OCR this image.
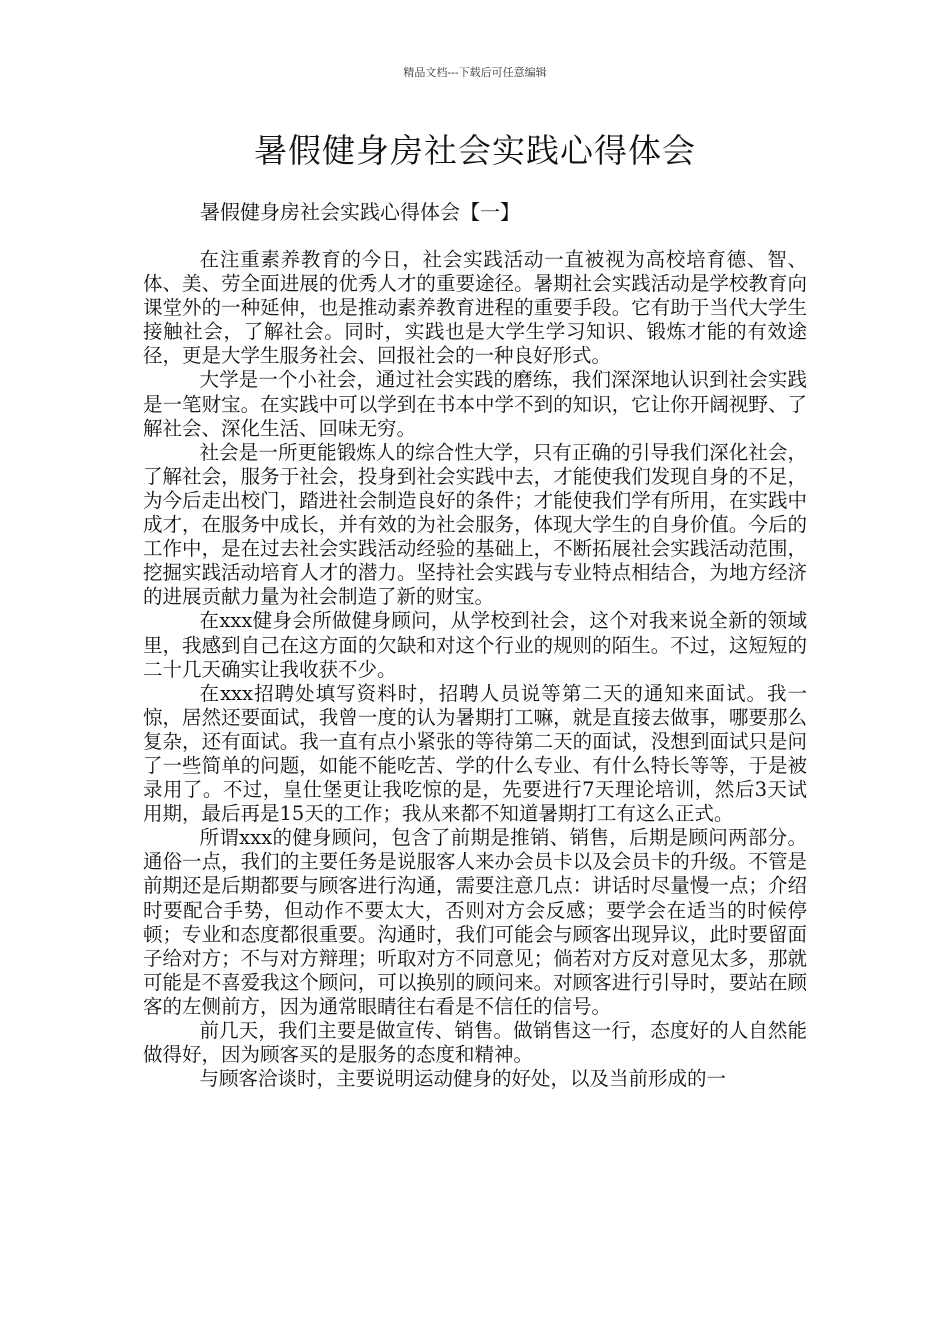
精品文档---下载后可任意编辑
暑假健身房社会实践心得体会
暑假健身房社会实践心得体会【一】

在注重素养教育的今日，社会实践活动一直被视为高校培育德、智、体、美、劳全面进展的优秀人才的重要途径。暑期社会实践活动是学校教育向课堂外的一种延伸，也是推动素养教育进程的重要手段。它有助于当代大学生接触社会，了解社会。同时，实践也是大学生学习知识、锻炼才能的有效途径，更是大学生服务社会、回报社会的一种良好形式。

大学是一个小社会，通过社会实践的磨练，我们深深地认识到社会实践是一笔财宝。在实践中可以学到在书本中学不到的知识，它让你开阔视野、了解社会、深化生活、回味无穷。

社会是一所更能锻炼人的综合性大学，只有正确的引导我们深化社会，了解社会，服务于社会，投身到社会实践中去，才能使我们发现自身的不足，为今后走出校门，踏进社会制造良好的条件；才能使我们学有所用，在实践中成才，在服务中成长，并有效的为社会服务，体现大学生的自身价值。今后的工作中，是在过去社会实践活动经验的基础上，不断拓展社会实践活动范围，挖掘实践活动培育人才的潜力。坚持社会实践与专业特点相结合，为地方经济的进展贡献力量为社会制造了新的财宝。

在xxx健身会所做健身顾问，从学校到社会，这个对我来说全新的领域里，我感到自己在这方面的欠缺和对这个行业的规则的陌生。不过，这短短的二十几天确实让我收获不少。

在xxx招聘处填写资料时，招聘人员说等第二天的通知来面试。我一惊，居然还要面试，我曾一度的认为暑期打工嘛，就是直接去做事，哪要那么复杂，还有面试。我一直有点小紧张的等待第二天的面试，没想到面试只是问了一些简单的问题，如能不能吃苦、学的什么专业、有什么特长等等，于是被录用了。不过，皇仕堡更让我吃惊的是，先要进行7天理论培训，然后3天试用期，最后再是15天的工作；我从来都不知道暑期打工有这么正式。

所谓xxx的健身顾问，包含了前期是推销、销售，后期是顾问两部分。通俗一点，我们的主要任务是说服客人来办会员卡以及会员卡的升级。不管是前期还是后期都要与顾客进行沟通，需要注意几点：讲话时尽量慢一点；介绍时要配合手势，但动作不要太大，否则对方会反感；要学会在适当的时候停顿；专业和态度都很重要。沟通时，我们可能会与顾客出现异议，此时要留面子给对方；不与对方辩理；听取对方不同意见；倘若对方反对意见太多，那就可能是不喜爱我这个顾问，可以换别的顾问来。对顾客进行引导时，要站在顾客的左侧前方，因为通常眼睛往右看是不信任的信号。

前几天，我们主要是做宣传、销售。做销售这一行，态度好的人自然能做得好，因为顾客买的是服务的态度和精神。

与顾客洽谈时，主要说明运动健身的好处，以及当前形成的一
